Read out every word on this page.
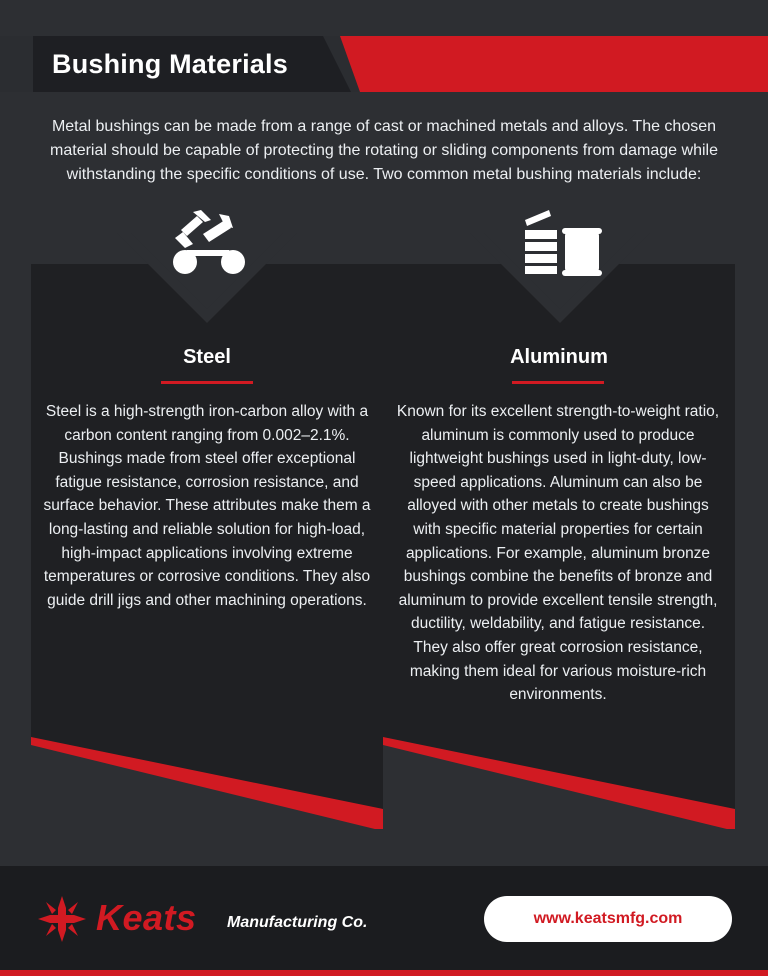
Bushing Materials

Metal bushings can be made from a range of cast or machined metals and alloys. The chosen material should be capable of protecting the rotating or sliding components from damage while withstanding the specific conditions of use. Two common metal bushing materials include:

Steel	Aluminum

Steel is a high-strength iron-carbon alloy with a carbon content ranging from 0.002–2.1%. Bushings made from steel offer exceptional fatigue resistance, corrosion resistance, and surface behavior. These attributes make them a long-lasting and reliable solution for high-load, high-impact applications involving extreme temperatures or corrosive conditions. They also guide drill jigs and other machining operations.

Known for its excellent strength-to-weight ratio, aluminum is commonly used to produce lightweight bushings used in light-duty, low-speed applications. Aluminum can also be alloyed with other metals to create bushings with specific material properties for certain applications. For example, aluminum bronze bushings combine the benefits of bronze and aluminum to provide excellent tensile strength, ductility, weldability, and fatigue resistance. They also offer great corrosion resistance, making them ideal for various moisture-rich environments.

Keats Manufacturing Co.	www.keatsmfg.com
